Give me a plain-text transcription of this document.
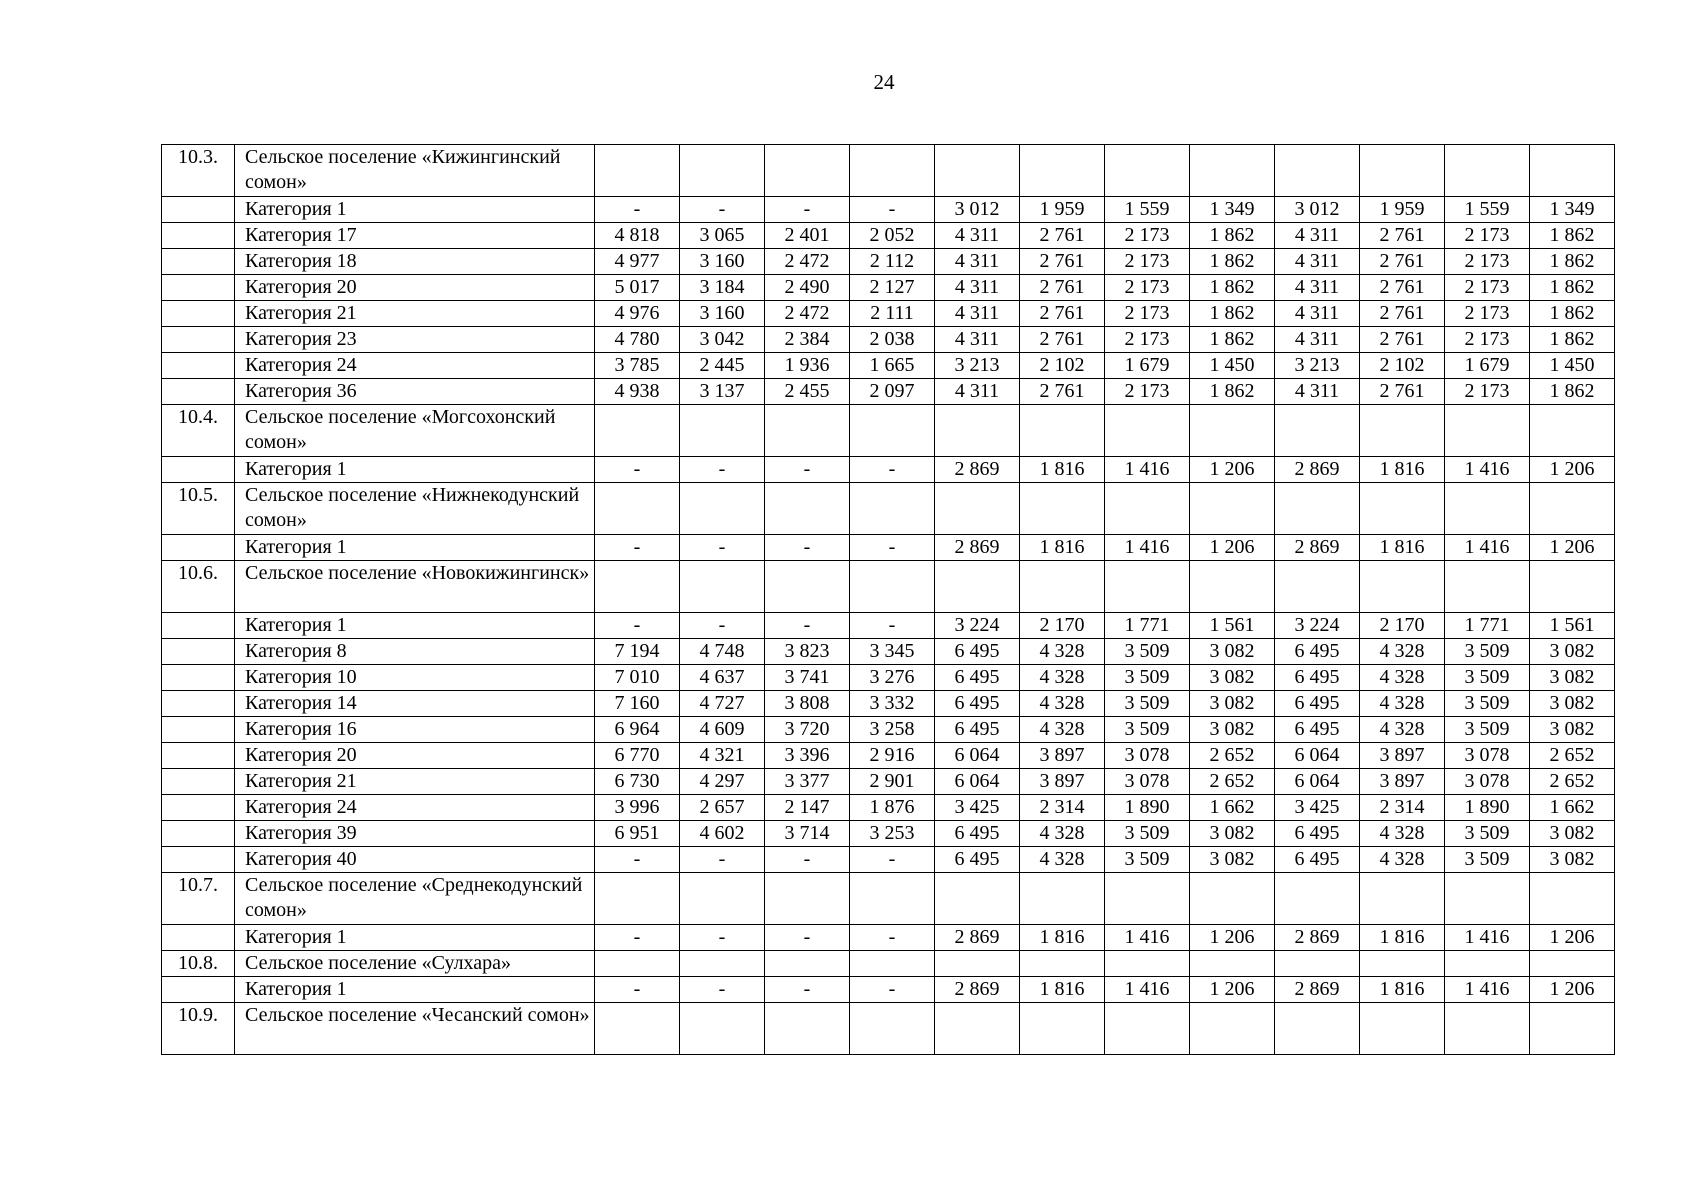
24
10.3.	Сельское поселение «Кижингинский сомон»												
	Категория 1	-	-	-	-	3 012	1 959	1 559	1 349	3 012	1 959	1 559	1 349
	Категория 17	4 818	3 065	2 401	2 052	4 311	2 761	2 173	1 862	4 311	2 761	2 173	1 862
	Категория 18	4 977	3 160	2 472	2 112	4 311	2 761	2 173	1 862	4 311	2 761	2 173	1 862
	Категория 20	5 017	3 184	2 490	2 127	4 311	2 761	2 173	1 862	4 311	2 761	2 173	1 862
	Категория 21	4 976	3 160	2 472	2 111	4 311	2 761	2 173	1 862	4 311	2 761	2 173	1 862
	Категория 23	4 780	3 042	2 384	2 038	4 311	2 761	2 173	1 862	4 311	2 761	2 173	1 862
	Категория 24	3 785	2 445	1 936	1 665	3 213	2 102	1 679	1 450	3 213	2 102	1 679	1 450
	Категория 36	4 938	3 137	2 455	2 097	4 311	2 761	2 173	1 862	4 311	2 761	2 173	1 862
10.4.	Сельское поселение «Могсохонский сомон»												
	Категория 1	-	-	-	-	2 869	1 816	1 416	1 206	2 869	1 816	1 416	1 206
10.5.	Сельское поселение «Нижнекодунский сомон»												
	Категория 1	-	-	-	-	2 869	1 816	1 416	1 206	2 869	1 816	1 416	1 206
10.6.	Сельское поселение «Новокижингинск»												
	Категория 1	-	-	-	-	3 224	2 170	1 771	1 561	3 224	2 170	1 771	1 561
	Категория 8	7 194	4 748	3 823	3 345	6 495	4 328	3 509	3 082	6 495	4 328	3 509	3 082
	Категория 10	7 010	4 637	3 741	3 276	6 495	4 328	3 509	3 082	6 495	4 328	3 509	3 082
	Категория 14	7 160	4 727	3 808	3 332	6 495	4 328	3 509	3 082	6 495	4 328	3 509	3 082
	Категория 16	6 964	4 609	3 720	3 258	6 495	4 328	3 509	3 082	6 495	4 328	3 509	3 082
	Категория 20	6 770	4 321	3 396	2 916	6 064	3 897	3 078	2 652	6 064	3 897	3 078	2 652
	Категория 21	6 730	4 297	3 377	2 901	6 064	3 897	3 078	2 652	6 064	3 897	3 078	2 652
	Категория 24	3 996	2 657	2 147	1 876	3 425	2 314	1 890	1 662	3 425	2 314	1 890	1 662
	Категория 39	6 951	4 602	3 714	3 253	6 495	4 328	3 509	3 082	6 495	4 328	3 509	3 082
	Категория 40	-	-	-	-	6 495	4 328	3 509	3 082	6 495	4 328	3 509	3 082
10.7.	Сельское поселение «Среднекодунский сомон»												
	Категория 1	-	-	-	-	2 869	1 816	1 416	1 206	2 869	1 816	1 416	1 206
10.8.	Сельское поселение «Сулхара»												
	Категория 1	-	-	-	-	2 869	1 816	1 416	1 206	2 869	1 816	1 416	1 206
10.9.	Сельское поселение «Чесанский сомон»												
